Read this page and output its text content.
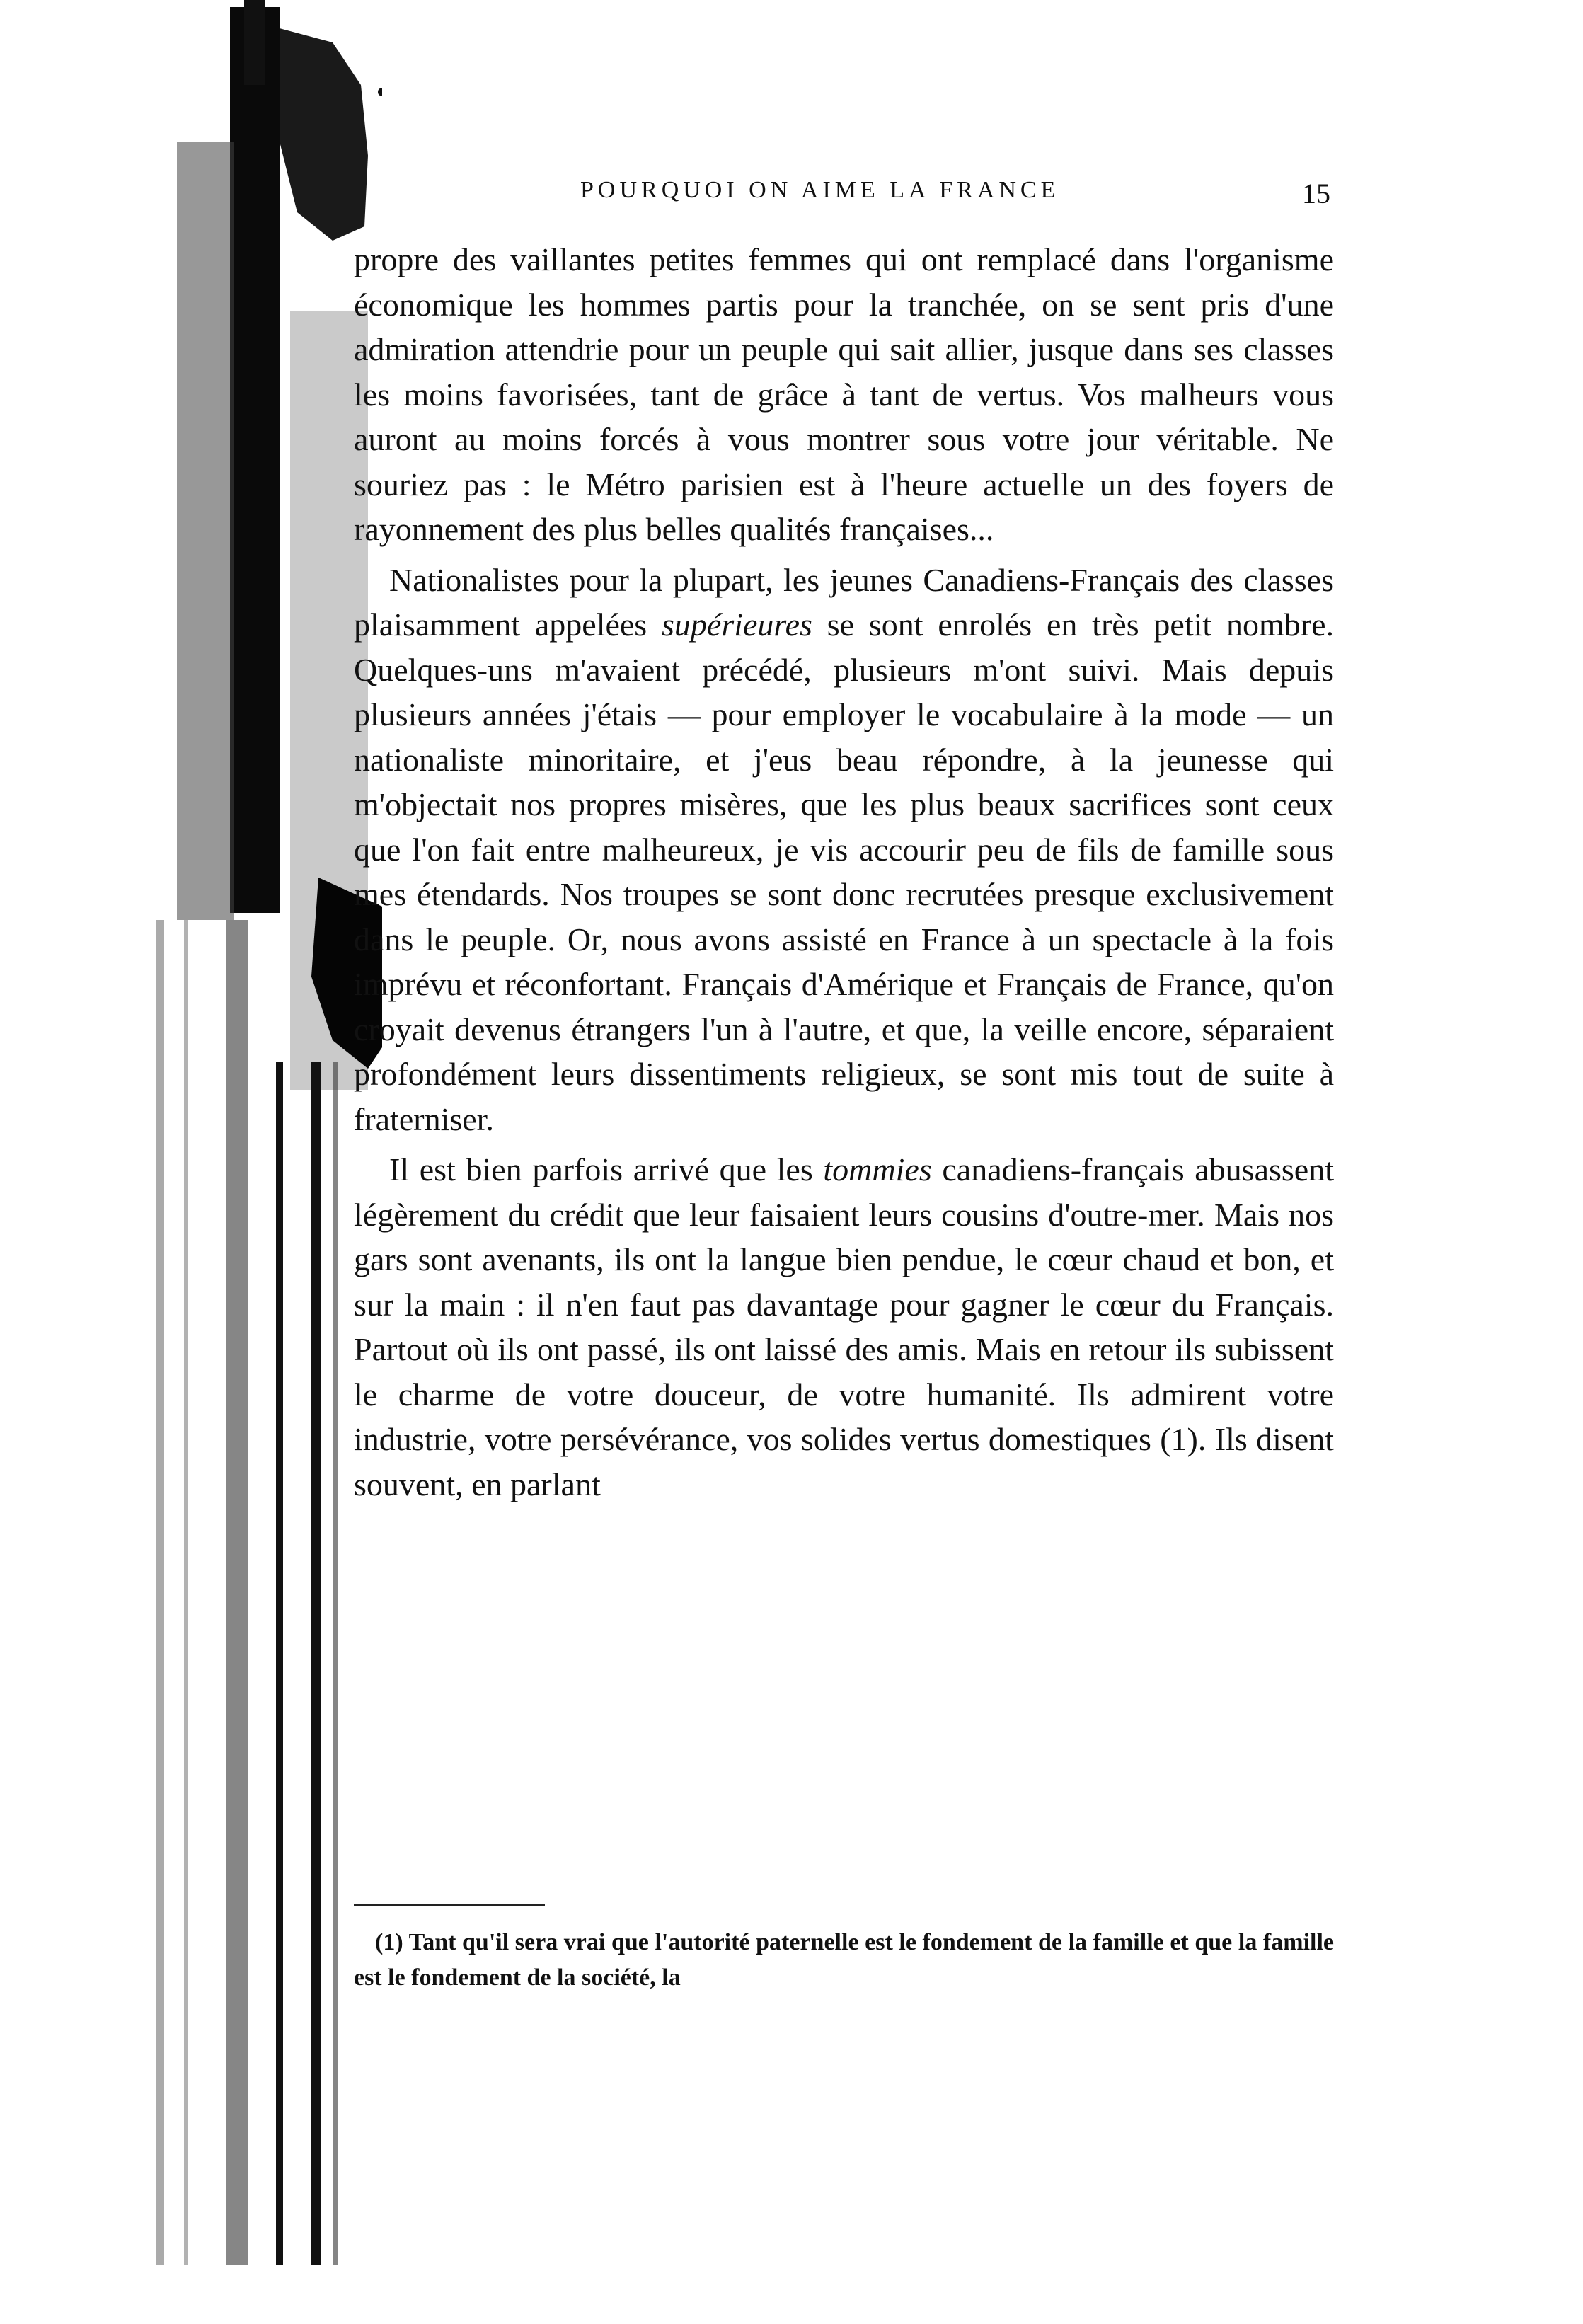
POURQUOI ON AIME LA FRANCE	15

propre des vaillantes petites femmes qui ont remplacé dans l'organisme économique les hommes partis pour la tranchée, on se sent pris d'une admiration attendrie pour un peuple qui sait allier, jusque dans ses classes les moins favorisées, tant de grâce à tant de vertus. Vos malheurs vous auront au moins forcés à vous montrer sous votre jour véritable. Ne souriez pas : le Métro parisien est à l'heure actuelle un des foyers de rayonnement des plus belles qualités françaises...

Nationalistes pour la plupart, les jeunes Canadiens-Français des classes plaisamment appelées supérieures se sont enrolés en très petit nombre. Quelques-uns m'avaient précédé, plusieurs m'ont suivi. Mais depuis plusieurs années j'étais — pour employer le vocabulaire à la mode — un nationaliste minoritaire, et j'eus beau répondre, à la jeunesse qui m'objectait nos propres misères, que les plus beaux sacrifices sont ceux que l'on fait entre malheureux, je vis accourir peu de fils de famille sous mes étendards. Nos troupes se sont donc recrutées presque exclusivement dans le peuple. Or, nous avons assisté en France à un spectacle à la fois imprévu et réconfortant. Français d'Amérique et Français de France, qu'on croyait devenus étrangers l'un à l'autre, et que, la veille encore, séparaient profondément leurs dissentiments religieux, se sont mis tout de suite à fraterniser.

Il est bien parfois arrivé que les tommies canadiens-français abusassent légèrement du crédit que leur faisaient leurs cousins d'outre-mer. Mais nos gars sont avenants, ils ont la langue bien pendue, le cœur chaud et bon, et sur la main : il n'en faut pas davantage pour gagner le cœur du Français. Partout où ils ont passé, ils ont laissé des amis. Mais en retour ils subissent le charme de votre douceur, de votre humanité. Ils admirent votre industrie, votre persévérance, vos solides vertus domestiques (1). Ils disent souvent, en parlant

(1) Tant qu'il sera vrai que l'autorité paternelle est le fondement de la famille et que la famille est le fondement de la société, la
